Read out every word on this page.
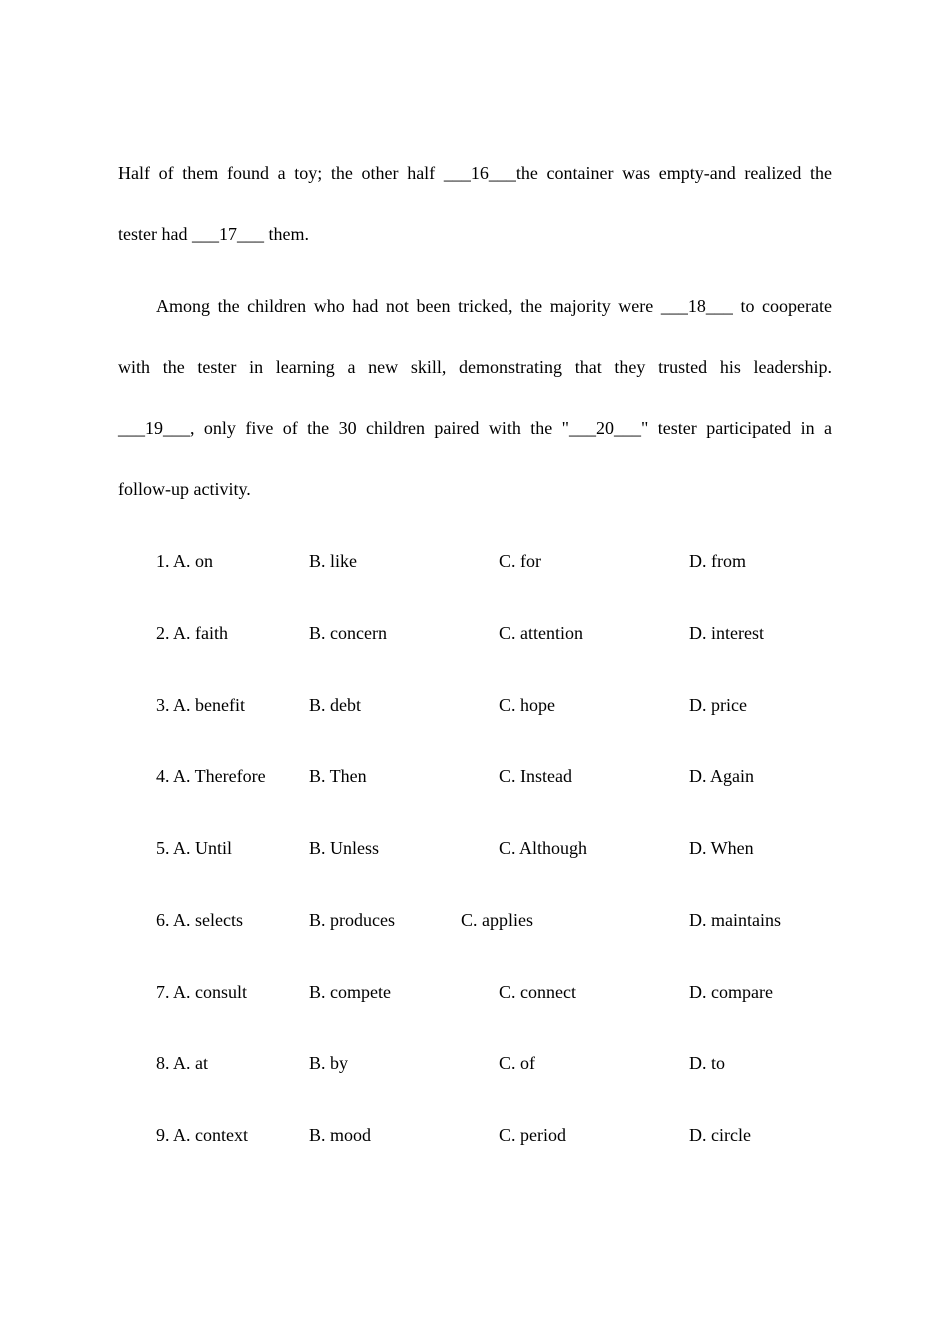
Half of them found a toy; the other half ___16___the container was empty-and realized the
tester had ___17___ them.
Among the children who had not been tricked, the majority were ___18___ to cooperate
with the tester in learning a new skill, demonstrating that they trusted his leadership.
___19___, only five of the 30 children paired with the "___20___" tester participated in a
follow-up activity.
1. A. on	B. like	C. for	D. from
2. A. faith	B. concern	C. attention	D. interest
3. A. benefit	B. debt	C. hope	D. price
4. A. Therefore B. Then	C. Instead	D. Again
5. A. Until	B. Unless	C. Although	D. When
6. A. selects	B. produces	C. applies	D. maintains
7. A. consult	B. compete	C. connect	D. compare
8. A. at	B. by	C. of	D. to
9. A. context	B. mood	C. period	D. circle
